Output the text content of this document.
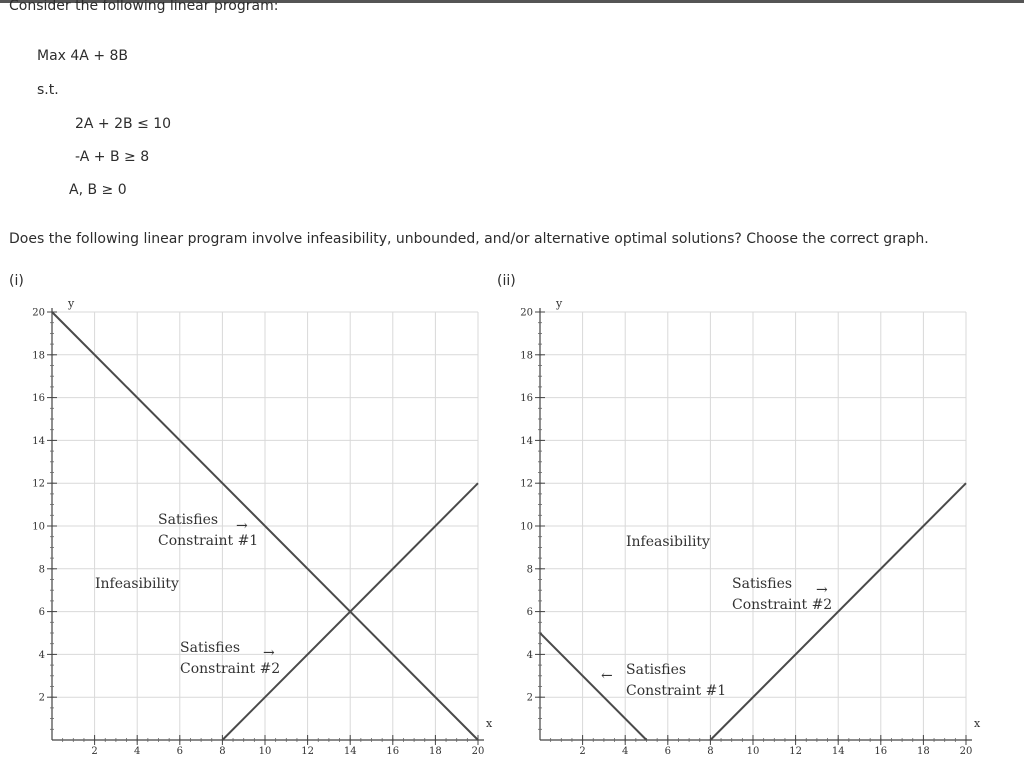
Consider the following linear program:
Max 4A + 8B
s.t.
2A + 2B ≤ 10
-A + B ≥ 8
A, B ≥ 0
Does the following linear program involve infeasibility, unbounded, and/or alternative optimal solutions? Choose the correct graph.
(i)	(ii)
2
4
6
8
10
12
14
16
18
20
2	4	6	8	10	12	14	16	18	20
y
x
Satisfies
Constraint #1
→
Satisfies
Constraint #2
→
Infeasibility
2
4
6
8
10
12
14
16
18
20
2	4	6	8	10	12	14	16	18	20
y
x
Satisfies
Constraint #1
←
Satisfies
Constraint #2
→
Infeasibility
